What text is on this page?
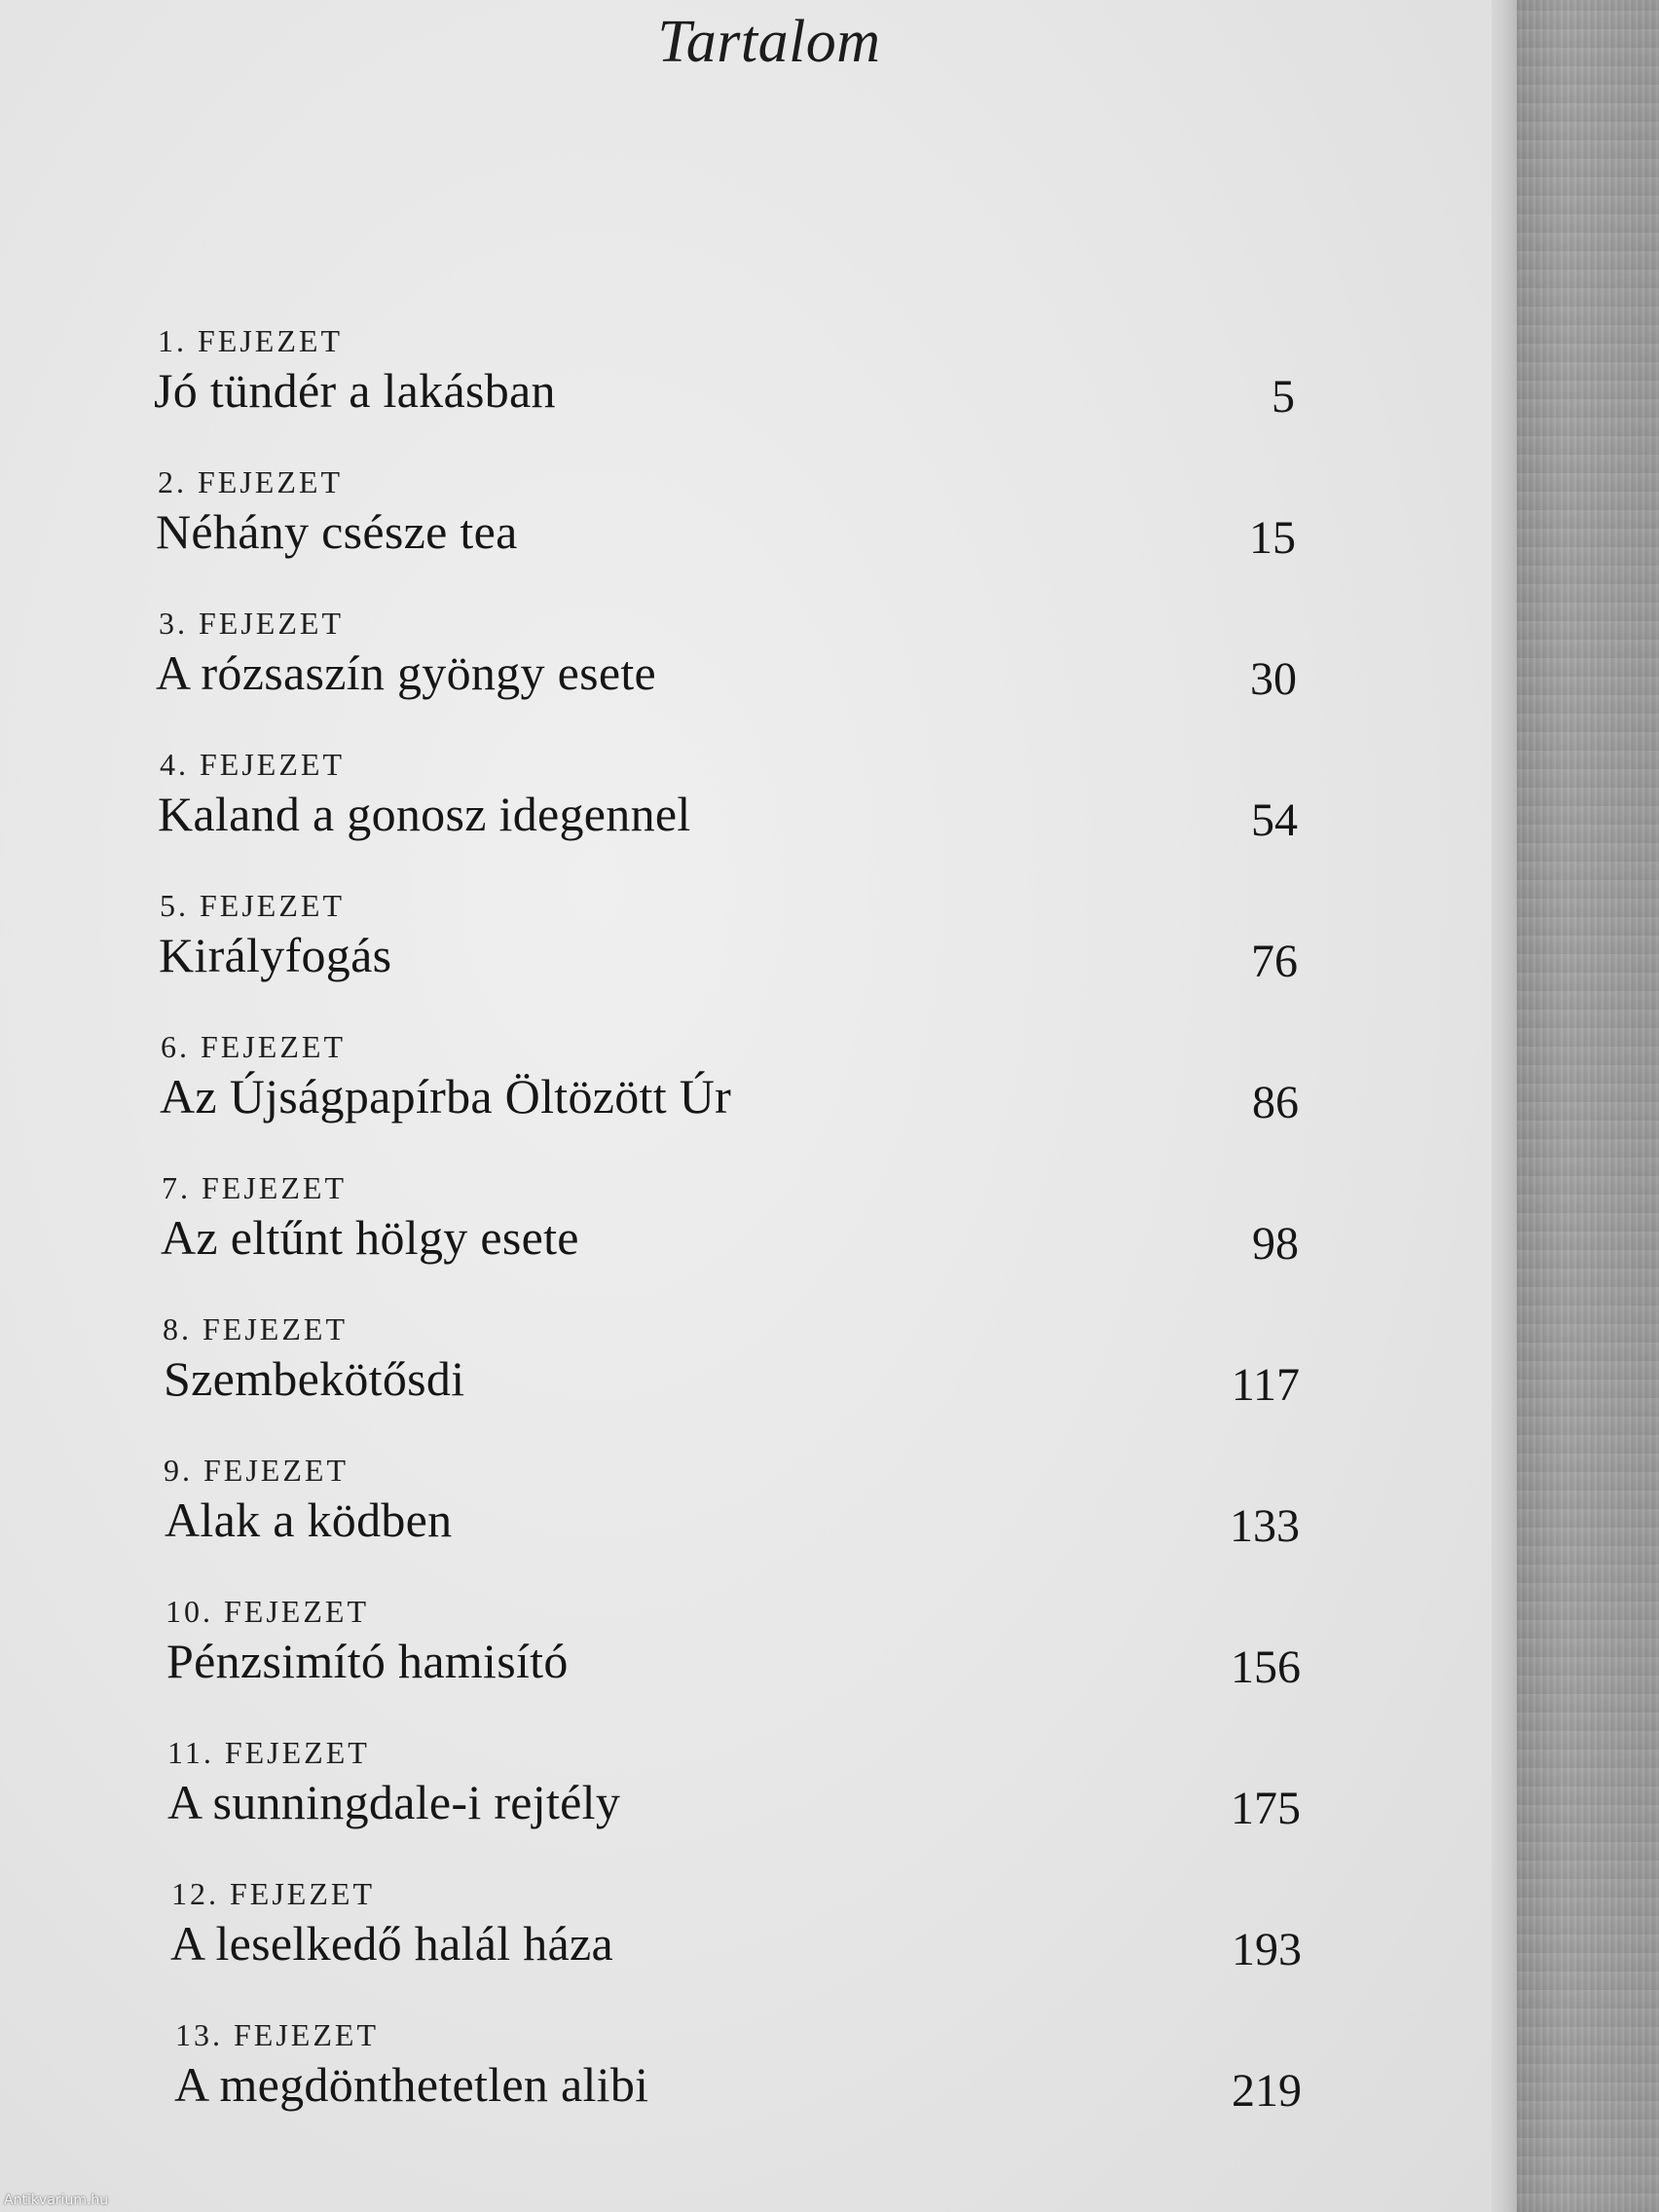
Tartalom
1. FEJEZET
Jó tündér a lakásban	5
2. FEJEZET
Néhány csésze tea	15
3. FEJEZET
A rózsaszín gyöngy esete	30
4. FEJEZET
Kaland a gonosz idegennel	54
5. FEJEZET
Királyfogás	76
6. FEJEZET
Az Újságpapírba Öltözött Úr	86
7. FEJEZET
Az eltűnt hölgy esete	98
8. FEJEZET
Szembekötősdi	117
9. FEJEZET
Alak a ködben	133
10. FEJEZET
Pénzsimító hamisító	156
11. FEJEZET
A sunningdale-i rejtély	175
12. FEJEZET
A leselkedő halál háza	193
13. FEJEZET
A megdönthetetlen alibi	219
Antikvarium.hu
